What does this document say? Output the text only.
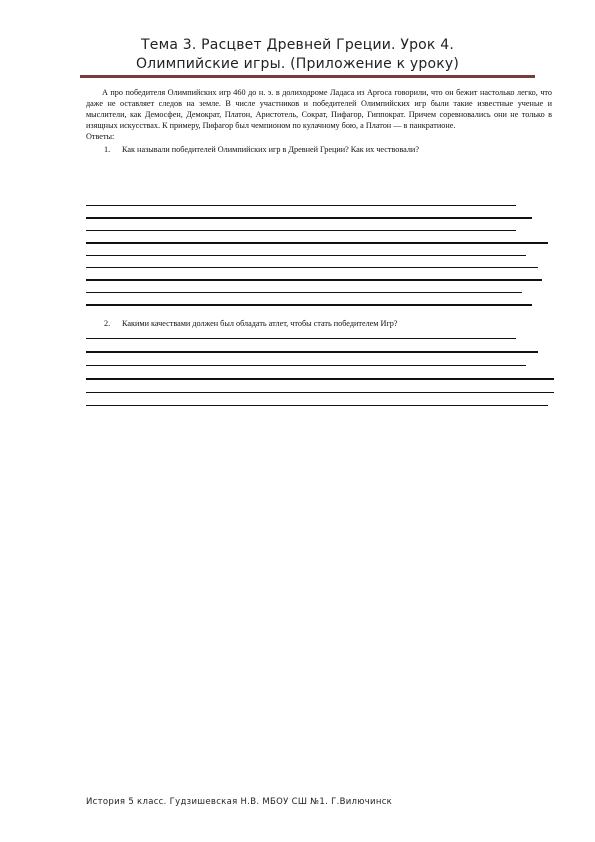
Тема 3. Расцвет Древней Греции. Урок 4.
Олимпийские игры. (Приложение к уроку)

А про победителя Олимпийских игр 460 до н. э. в долиходроме Ладаса из Аргоса говорили, что он бежит настолько легко, что даже не оставляет следов на земле. В числе участников и победителей Олимпийских игр были такие известные ученые и мыслители, как Демосфен, Демократ, Платон, Аристотель, Сократ, Пифагор, Гиппократ. Причем соревновались они не только в изящных искусствах. К примеру, Пифагор был чемпионом по кулачному бою, а Платон — в панкратионе.

Ответы:

1. Как называли победителей Олимпийских игр в Древней Греции? Как их чествовали?
2. Какими качествами должен был обладать атлет, чтобы стать победителем Игр?
История 5 класс. Гудзишевская Н.В. МБОУ СШ №1. Г.Вилючинск
